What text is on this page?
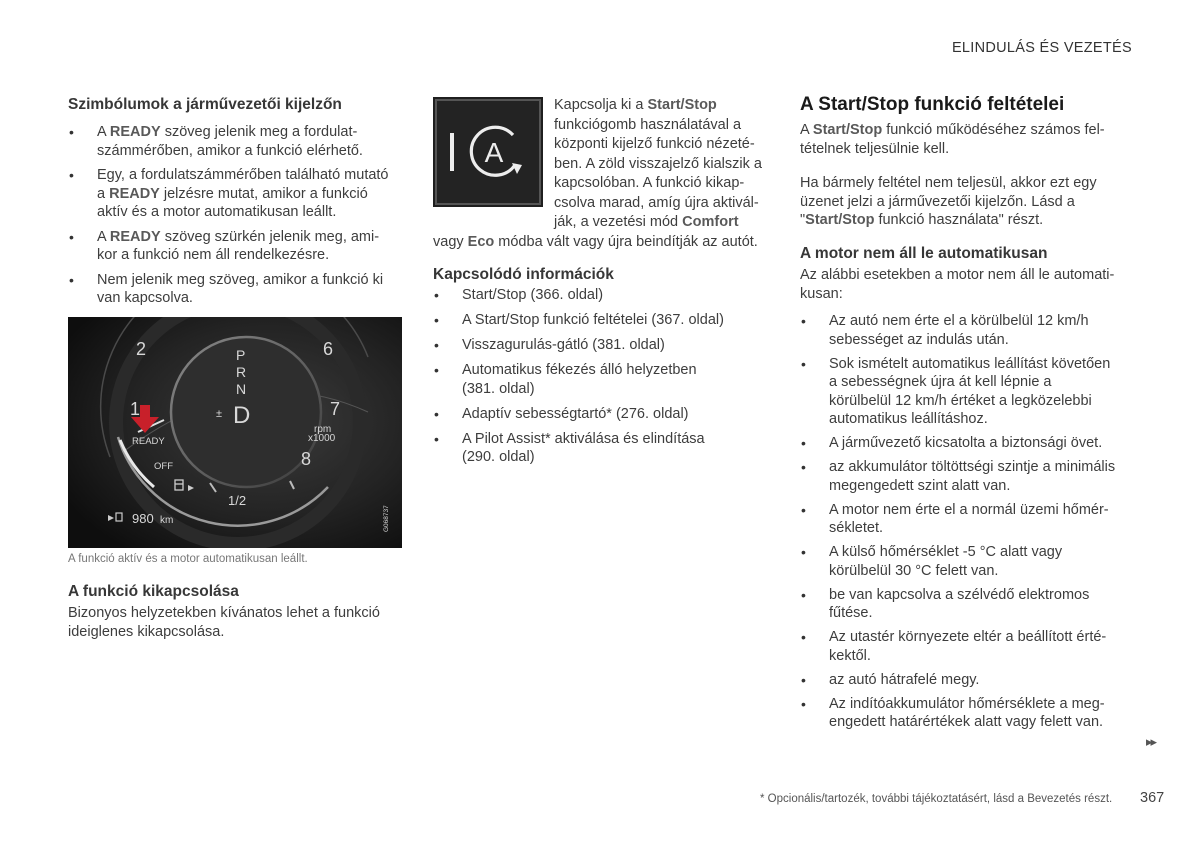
ELINDULÁS ÉS VEZETÉS
Szimbólumok a járművezetői kijelzőn
• A READY szöveg jelenik meg a fordulat-
számmérőben, amikor a funkció elérhető.
• Egy, a fordulatszámmérőben található mutató
a READY jelzésre mutat, amikor a funkció
aktív és a motor automatikusan leállt.
• A READY szöveg szürkén jelenik meg, ami-
kor a funkció nem áll rendelkezésre.
• Nem jelenik meg szöveg, amikor a funkció ki
van kapcsolva.
1
2	6
7
8
1/2
P
R
N
D
±
READY
OFF
rpm
x1000
980 km	G068737
A funkció aktív és a motor automatikusan leállt.
A funkció kikapcsolása
Bizonyos helyzetekben kívánatos lehet a funkció
ideiglenes kikapcsolása.
A
Kapcsolja ki a Start/Stop
funkciógomb használatával a
központi kijelző funkció nézeté-
ben. A zöld visszajelző kialszik a
kapcsolóban. A funkció kikap-
csolva marad, amíg újra aktivál-
ják, a vezetési mód Comfort
vagy Eco módba vált vagy újra beindítják az autót.
Kapcsolódó információk
• Start/Stop (366. oldal)
• A Start/Stop funkció feltételei (367. oldal)
• Visszagurulás-gátló (381. oldal)
• Automatikus fékezés álló helyzetben
(381. oldal)
• Adaptív sebességtartó* (276. oldal)
• A Pilot Assist* aktiválása és elindítása
(290. oldal)
A Start/Stop funkció feltételei
A Start/Stop funkció működéséhez számos fel-
tételnek teljesülnie kell.
Ha bármely feltétel nem teljesül, akkor ezt egy
üzenet jelzi a járművezetői kijelzőn. Lásd a
"Start/Stop funkció használata" részt.
A motor nem áll le automatikusan
Az alábbi esetekben a motor nem áll le automati-
kusan:
• Az autó nem érte el a körülbelül 12 km/h
sebességet az indulás után.
• Sok ismételt automatikus leállítást követően
a sebességnek újra át kell lépnie a
körülbelül 12 km/h értéket a legközelebbi
automatikus leállításhoz.
• A járművezető kicsatolta a biztonsági övet.
• az akkumulátor töltöttségi szintje a minimális
megengedett szint alatt van.
• A motor nem érte el a normál üzemi hőmér-
sékletet.
• A külső hőmérséklet -5 °C alatt vagy
körülbelül 30 °C felett van.
• be van kapcsolva a szélvédő elektromos
fűtése.
• Az utastér környezete eltér a beállított érté-
kektől.
• az autó hátrafelé megy.
• Az indítóakkumulátor hőmérséklete a meg-
engedett határértékek alatt vagy felett van.
▸▸
* Opcionális/tartozék, további tájékoztatásért, lásd a Bevezetés részt. 367
